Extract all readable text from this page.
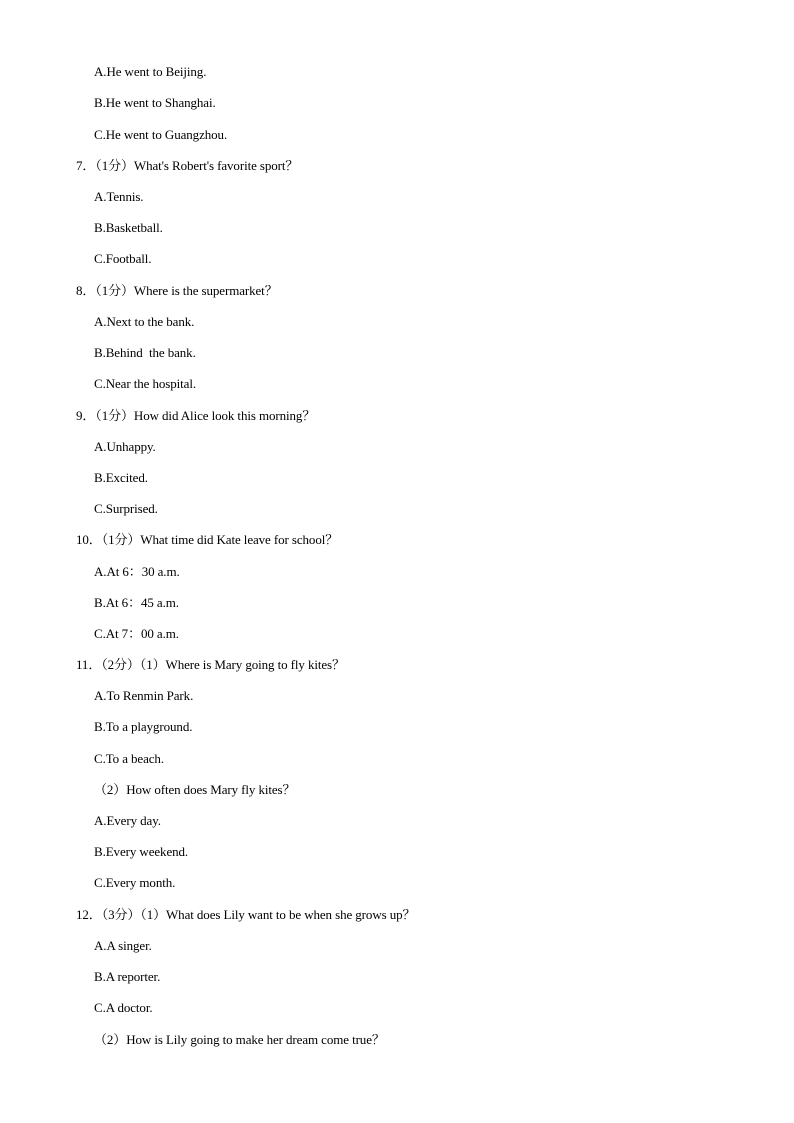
A.He went to Beijing.
B.He went to Shanghai.
C.He went to Guangzhou.
7．（1分）What's Robert's favorite sport？
A.Tennis.
B.Basketball.
C.Football.
8．（1分）Where is the supermarket？
A.Next to the bank.
B.Behind  the bank.
C.Near the hospital.
9．（1分）How did Alice look this morning？
A.Unhappy.
B.Excited.
C.Surprised.
10．（1分）What time did Kate leave for school？
A.At 6：30 a.m.
B.At 6：45 a.m.
C.At 7：00 a.m.
11．（2分）（1）Where is Mary going to fly kites？
A.To Renmin Park.
B.To a playground.
C.To a beach.
（2）How often does Mary fly kites？
A.Every day.
B.Every weekend.
C.Every month.
12．（3分）（1）What does Lily want to be when she grows up？
A.A singer.
B.A reporter.
C.A doctor.
（2）How is Lily going to make her dream come true？
